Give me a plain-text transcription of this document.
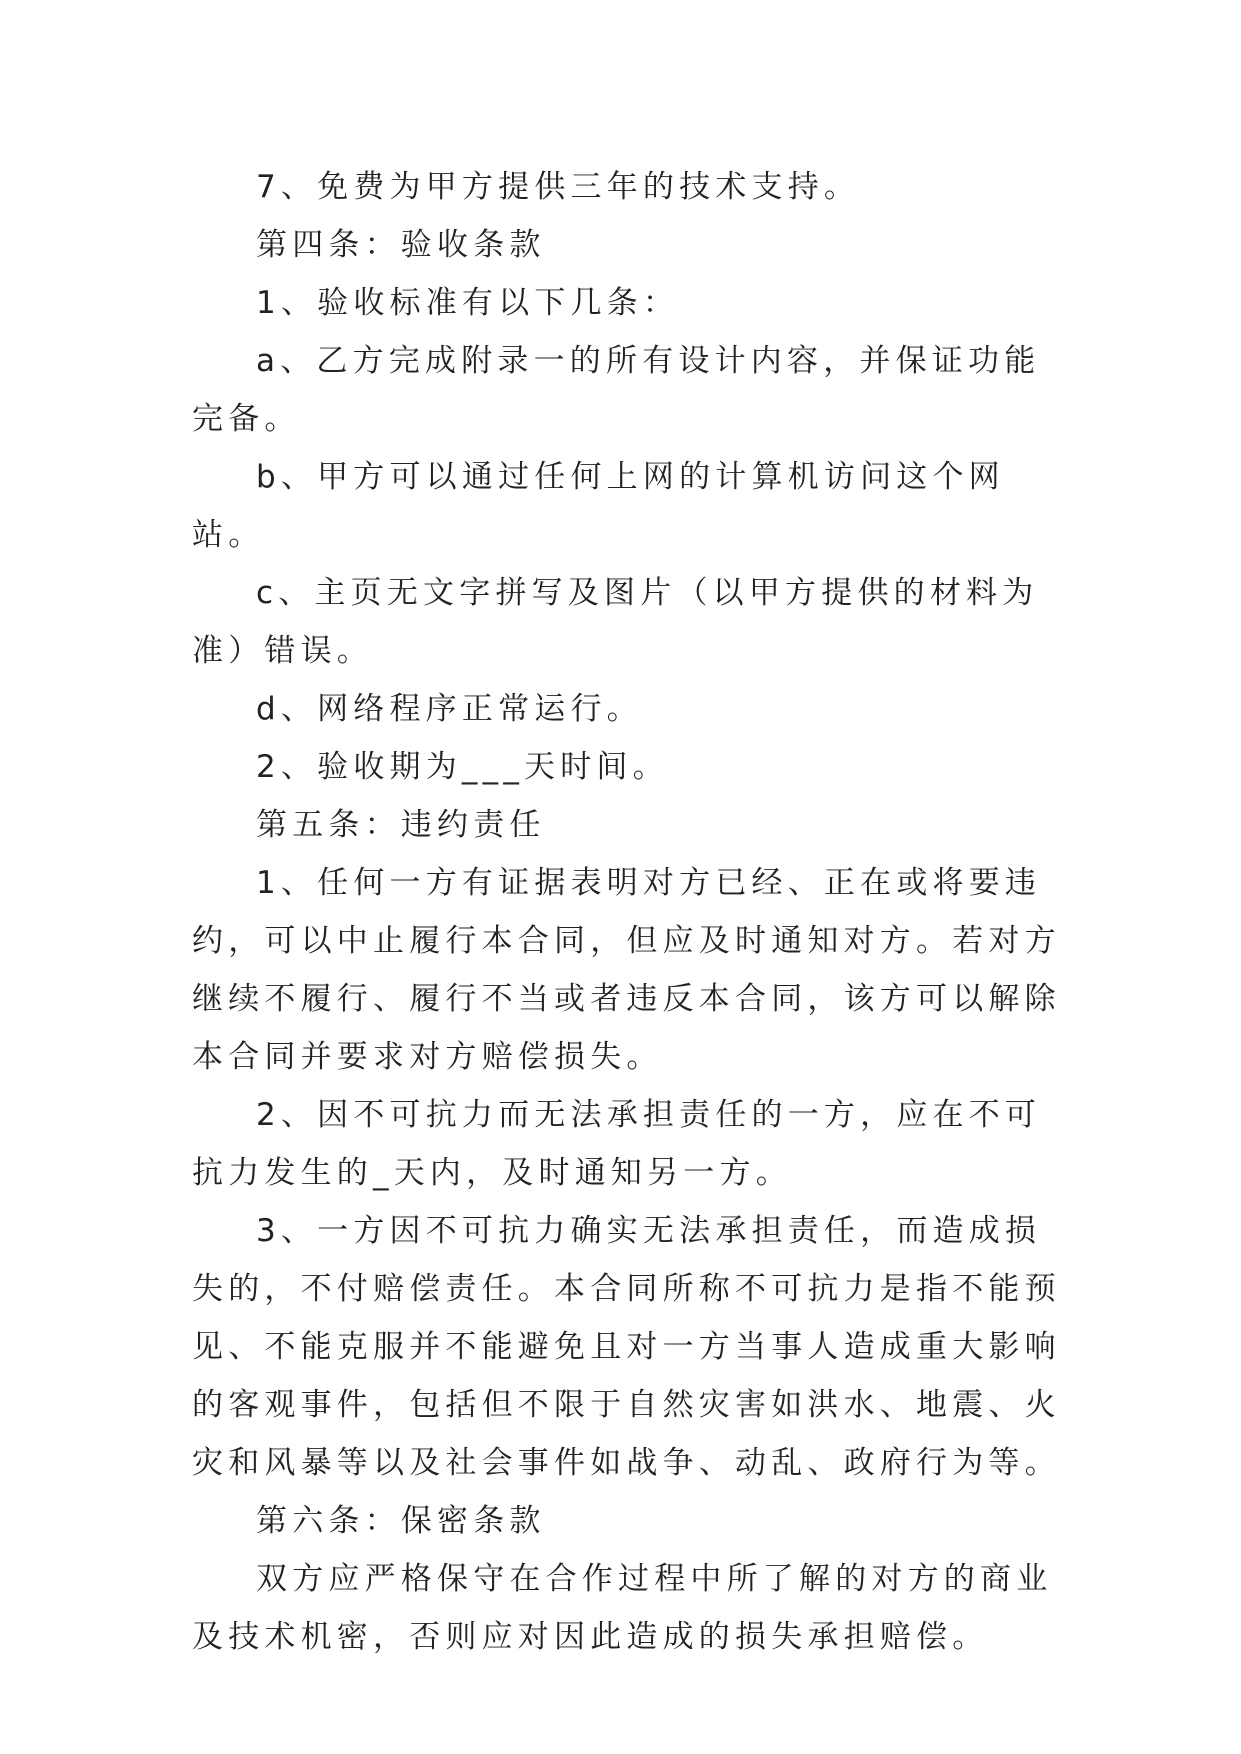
7、免费为甲方提供三年的技术支持。

第四条：验收条款

1、验收标准有以下几条：

a、乙方完成附录一的所有设计内容，并保证功能完备。

b、甲方可以通过任何上网的计算机访问这个网站。

c、主页无文字拼写及图片（以甲方提供的材料为准）错误。

d、网络程序正常运行。

2、验收期为___天时间。

第五条：违约责任

1、任何一方有证据表明对方已经、正在或将要违约，可以中止履行本合同，但应及时通知对方。若对方继续不履行、履行不当或者违反本合同，该方可以解除本合同并要求对方赔偿损失。

2、因不可抗力而无法承担责任的一方，应在不可抗力发生的_天内，及时通知另一方。

3、一方因不可抗力确实无法承担责任，而造成损失的，不付赔偿责任。本合同所称不可抗力是指不能预见、不能克服并不能避免且对一方当事人造成重大影响的客观事件，包括但不限于自然灾害如洪水、地震、火灾和风暴等以及社会事件如战争、动乱、政府行为等。

第六条：保密条款

双方应严格保守在合作过程中所了解的对方的商业及技术机密，否则应对因此造成的损失承担赔偿。
